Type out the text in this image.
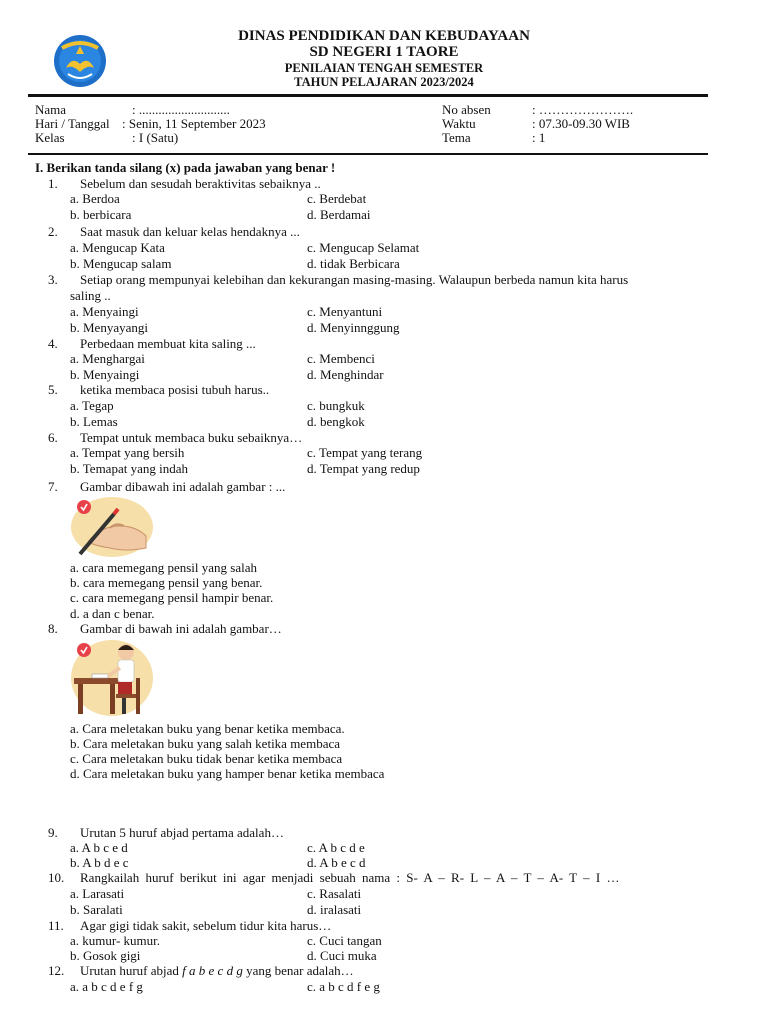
DINAS PENDIDIKAN DAN KEBUDAYAAN
SD NEGERI 1 TAORE
PENILAIAN TENGAH SEMESTER
TAHUN PELAJARAN 2023/2024
Nama	: ............................
Hari / Tanggal : Senin, 11 September 2023
Kelas	: I (Satu)
No absen	: ………………….
Waktu	: 07.30-09.30 WIB
Tema	: 1
I. Berikan tanda silang (x) pada jawaban yang benar !
1. Sebelum dan sesudah beraktivitas sebaiknya ..
a. Berdoa	c. Berdebat
b. berbicara	d. Berdamai
2. Saat masuk dan keluar kelas hendaknya ...
a. Mengucap Kata	c. Mengucap Selamat
b. Mengucap salam	d. tidak Berbicara
3. Setiap orang mempunyai kelebihan dan kekurangan masing-masing. Walaupun berbeda namun kita harus
saling ..
a. Menyaingi	c. Menyantuni
b. Menyayangi	d. Menyinnggung
4. Perbedaan membuat kita saling ...
a. Menghargai	c. Membenci
b. Menyaingi	d. Menghindar
5. ketika membaca posisi tubuh harus..
a. Tegap	c. bungkuk
b. Lemas	d. bengkok
6. Tempat untuk membaca buku sebaiknya…
a. Tempat yang bersih	c. Tempat yang terang
b. Temapat yang indah	d. Tempat yang redup
7. Gambar dibawah ini adalah gambar : ...
a. cara memegang pensil yang salah
b. cara memegang pensil yang benar.
c. cara memegang pensil hampir benar.
d. a dan c benar.
8. Gambar di bawah ini adalah gambar…
a. Cara meletakan buku yang benar ketika membaca.
b. Cara meletakan buku yang salah ketika membaca
c. Cara meletakan buku tidak benar ketika membaca
d. Cara meletakan buku yang hamper benar ketika membaca
9. Urutan 5 huruf abjad pertama adalah…
a. A b c e d	c. A b c d e
b. A b d e c	d. A b e c d
10. Rangkailah huruf berikut ini agar menjadi sebuah nama : S- A – R- L – A – T – A- T – I …
a. Larasati	c. Rasalati
b. Saralati	d. iralasati
11. Agar gigi tidak sakit, sebelum tidur kita harus…
a. kumur- kumur.	c. Cuci tangan
b. Gosok gigi	d. Cuci muka
12. Urutan huruf abjad f a b e c d g yang benar adalah…
a. a b c d e f g	c. a b c d f e g
